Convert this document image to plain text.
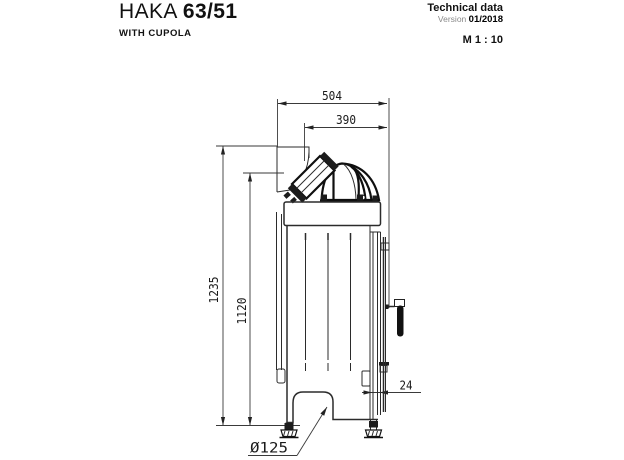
HAKA 63/51
WITH CUPOLA
Technical data
Version 01/2018
M 1 : 10
504
390
1235
1120
24
Ø125
